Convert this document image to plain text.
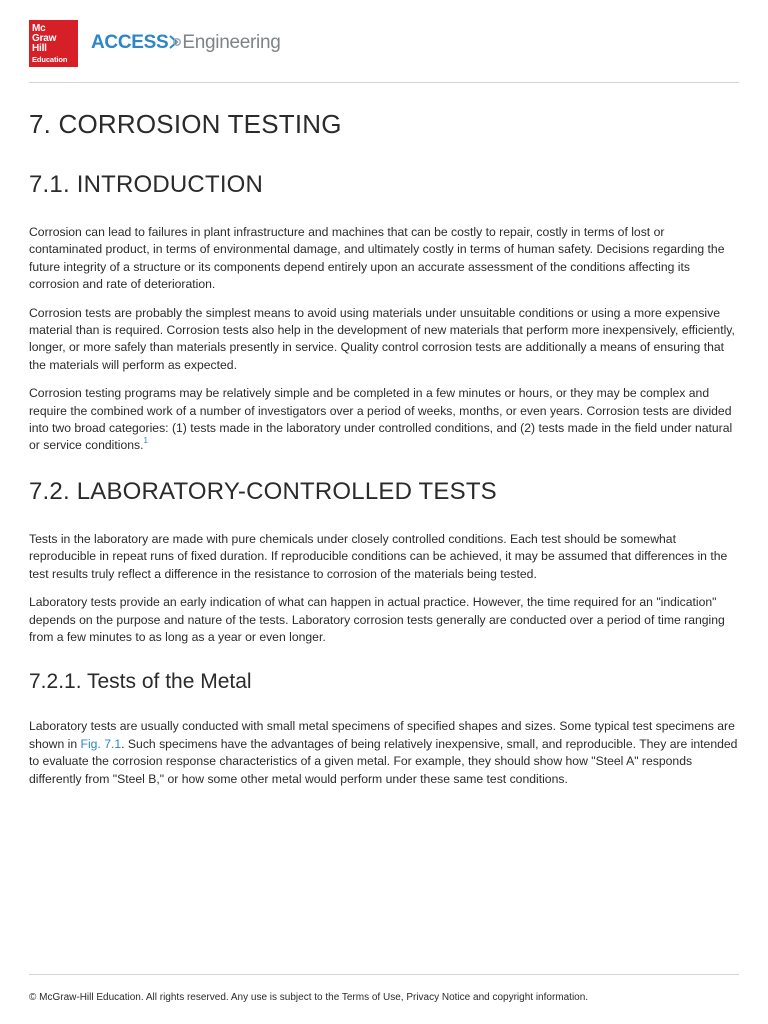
Mc
Graw
Hill
Education
ACCESS Engineering
7. CORROSION TESTING
7.1. INTRODUCTION

Corrosion can lead to failures in plant infrastructure and machines that can be costly to repair, costly in terms of lost or contaminated product, in terms of environmental damage, and ultimately costly in terms of human safety. Decisions regarding the future integrity of a structure or its components depend entirely upon an accurate assessment of the conditions affecting its corrosion and rate of deterioration.

Corrosion tests are probably the simplest means to avoid using materials under unsuitable conditions or using a more expensive material than is required. Corrosion tests also help in the development of new materials that perform more inexpensively, efficiently, longer, or more safely than materials presently in service. Quality control corrosion tests are additionally a means of ensuring that the materials will perform as expected.

Corrosion testing programs may be relatively simple and be completed in a few minutes or hours, or they may be complex and require the combined work of a number of investigators over a period of weeks, months, or even years. Corrosion tests are divided into two broad categories: (1) tests made in the laboratory under controlled conditions, and (2) tests made in the field under natural or service conditions.$^1$

7.2. LABORATORY-CONTROLLED TESTS

Tests in the laboratory are made with pure chemicals under closely controlled conditions. Each test should be somewhat reproducible in repeat runs of fixed duration. If reproducible conditions can be achieved, it may be assumed that differences in the test results truly reflect a difference in the resistance to corrosion of the materials being tested.

Laboratory tests provide an early indication of what can happen in actual practice. However, the time required for an "indication" depends on the purpose and nature of the tests. Laboratory corrosion tests generally are conducted over a period of time ranging from a few minutes to as long as a year or even longer.

7.2.1. Tests of the Metal

Laboratory tests are usually conducted with small metal specimens of specified shapes and sizes. Some typical test specimens are shown in Fig. 7.1. Such specimens have the advantages of being relatively inexpensive, small, and reproducible. They are intended to evaluate the corrosion response characteristics of a given metal. For example, they should show how "Steel A" responds differently from "Steel B," or how some other metal would perform under these same test conditions.

© McGraw-Hill Education. All rights reserved. Any use is subject to the Terms of Use, Privacy Notice and copyright information.
